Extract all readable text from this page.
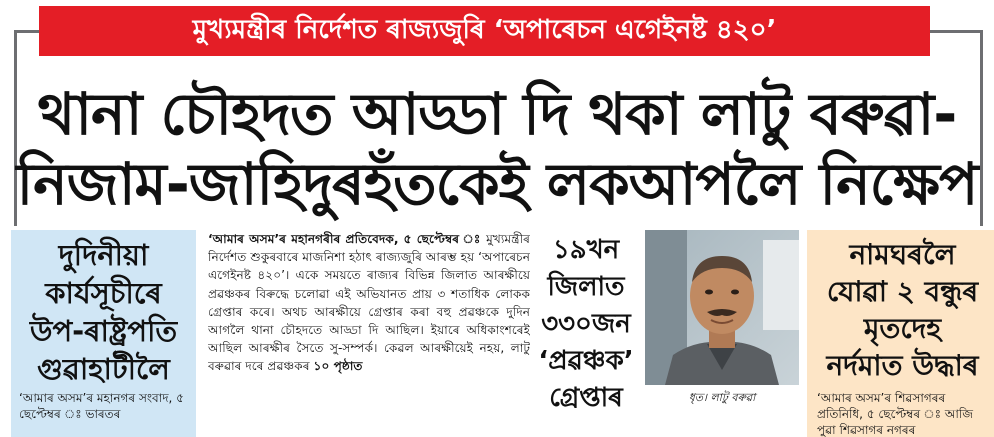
মুখ্যমন্ত্ৰীৰ নিৰ্দেশত ৰাজ্যজুৰি ‘অপাৰেচন এগেইনষ্ট ৪২০’
থানা চৌহদত আড্ডা দি থকা লাটু বৰুৱা-
নিজাম-জাহিদুৰহঁতকেই লকআপলৈ নিক্ষেপ
দুদিনীয়া
কাৰ্যসূচীৰে
উপ-ৰাষ্ট্ৰপতি
গুৱাহাটীলৈ
‘আমাৰ অসম’ৰ মহানগৰ সংবাদ, ৫ ছেপ্টেম্বৰ ঃ ভাৰতৰ
‘আমাৰ অসম’ৰ মহানগৰীৰ প্ৰতিবেদক, ৫ ছেপ্টেম্বৰ ঃ মুখ্যমন্ত্ৰীৰ নিৰ্দেশত শুকুৰবাৰে মাজনিশা হঠাৎ ৰাজ্যজুৰি আৰম্ভ হয় ‘অপাৰেচন এগেইনষ্ট ৪২০’। একে সময়তে ৰাজ্যৰ বিভিন্ন জিলাত আৰক্ষীয়ে প্ৰৱঞ্চকৰ বিৰুদ্ধে চলোৱা এই অভিযানত প্ৰায় ৩ শতাধিক লোকক গ্ৰেপ্তাৰ কৰে। অথচ আৰক্ষীয়ে গ্ৰেপ্তাৰ কৰা বহু প্ৰৱঞ্চকে দুদিন আগলৈ থানা চৌহদতে আড্ডা দি আছিল। ইয়াৰে অধিকাংশৰেই আছিল আৰক্ষীৰ সৈতে সু-সম্পৰ্ক। কেৱল আৰক্ষীয়েই নহয়, লাটু বৰুৱাৰ দৰে প্ৰৱঞ্চকৰ ১০ পৃষ্ঠাত
১৯খন
জিলাত
৩৩০জন
‘প্ৰৱঞ্চক’
গ্ৰেপ্তাৰ	ধৃত। লাটু বৰুৱা
নামঘৰলৈ
যোৱা ২ বন্ধুৰ
মৃতদেহ
নৰ্দমাত উদ্ধাৰ
‘আমাৰ অসম’ৰ শিৱসাগৰৰ প্ৰতিনিধি, ৫ ছেপ্টেম্বৰ ঃ আজি পুৱা শিৱসাগৰ নগৰৰ
